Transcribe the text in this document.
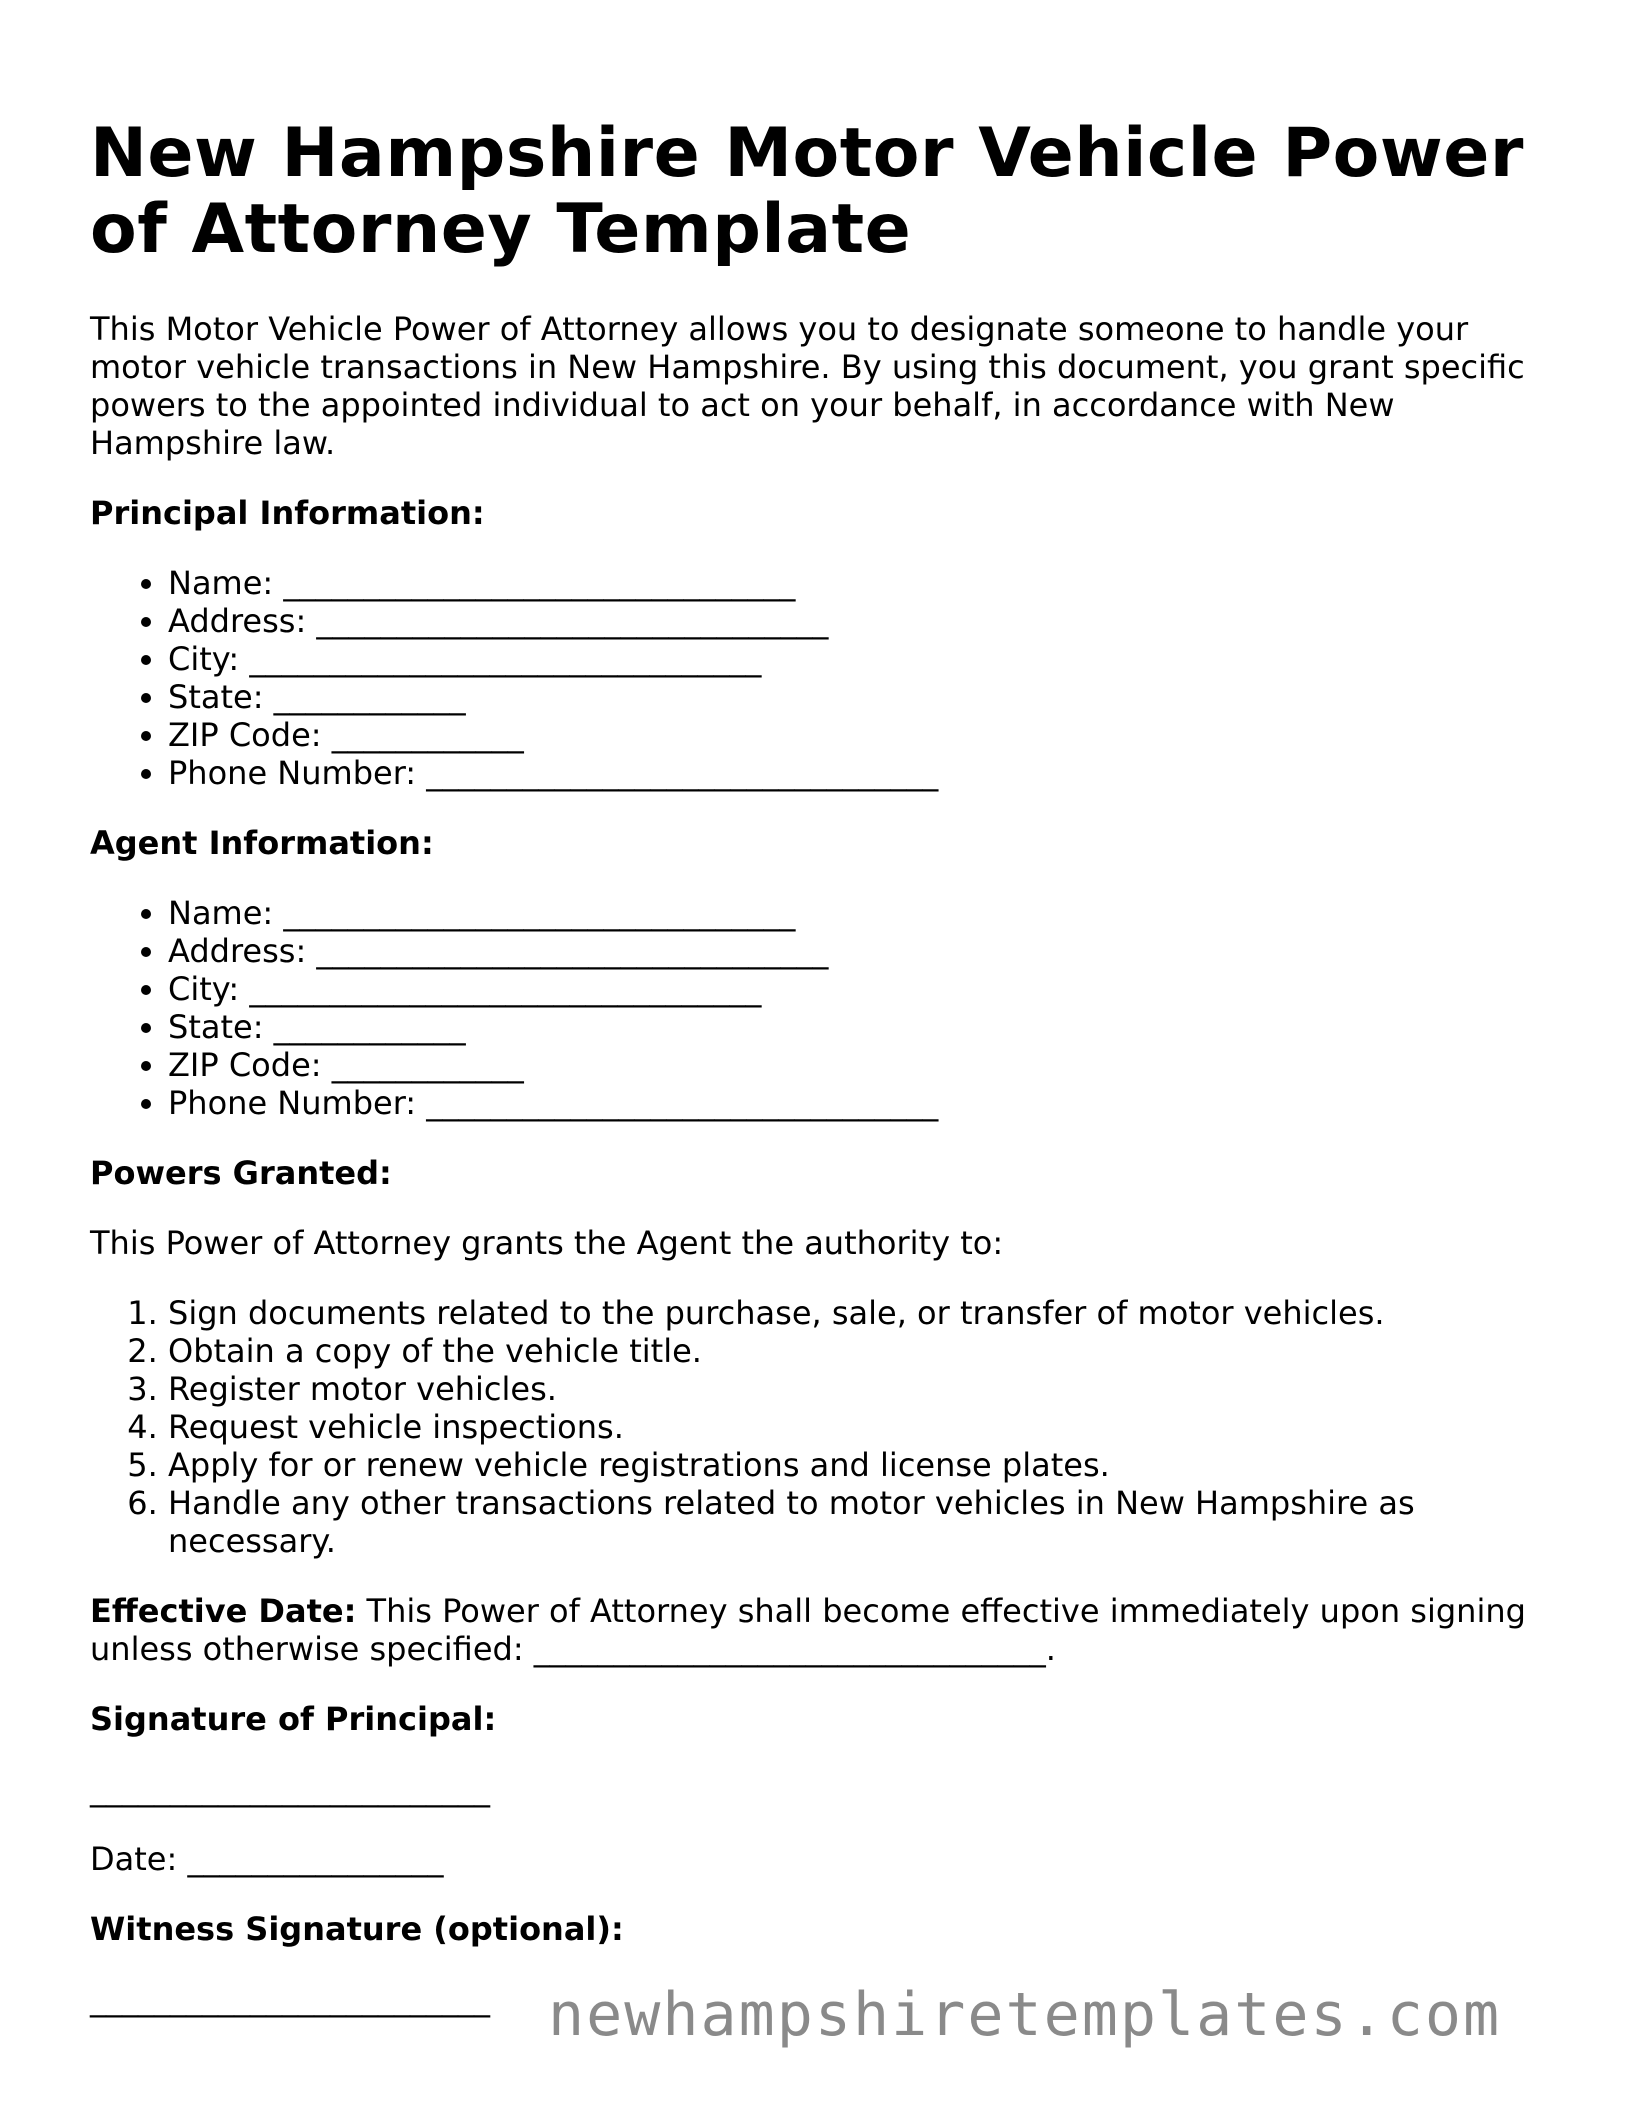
New Hampshire Motor Vehicle Power of Attorney Template

This Motor Vehicle Power of Attorney allows you to designate someone to handle your motor vehicle transactions in New Hampshire. By using this document, you grant specific powers to the appointed individual to act on your behalf, in accordance with New Hampshire law.

Principal Information:
• Name: ________________________________
• Address: ________________________________
• City: ________________________________
• State: ____________
• ZIP Code: ____________
• Phone Number: ________________________________
Agent Information:
• Name: ________________________________
• Address: ________________________________
• City: ________________________________
• State: ____________
• ZIP Code: ____________
• Phone Number: ________________________________
Powers Granted:

This Power of Attorney grants the Agent the authority to:

1. Sign documents related to the purchase, sale, or transfer of motor vehicles.
2. Obtain a copy of the vehicle title.
3. Register motor vehicles.
4. Request vehicle inspections.
5. Apply for or renew vehicle registrations and license plates.
6. Handle any other transactions related to motor vehicles in New Hampshire as necessary.

Effective Date: This Power of Attorney shall become effective immediately upon signing unless otherwise specified: ________________________________.

Signature of Principal:
_________________________

Date: ________________

Witness Signature (optional):
_________________________ newhampshiretemplates.com
